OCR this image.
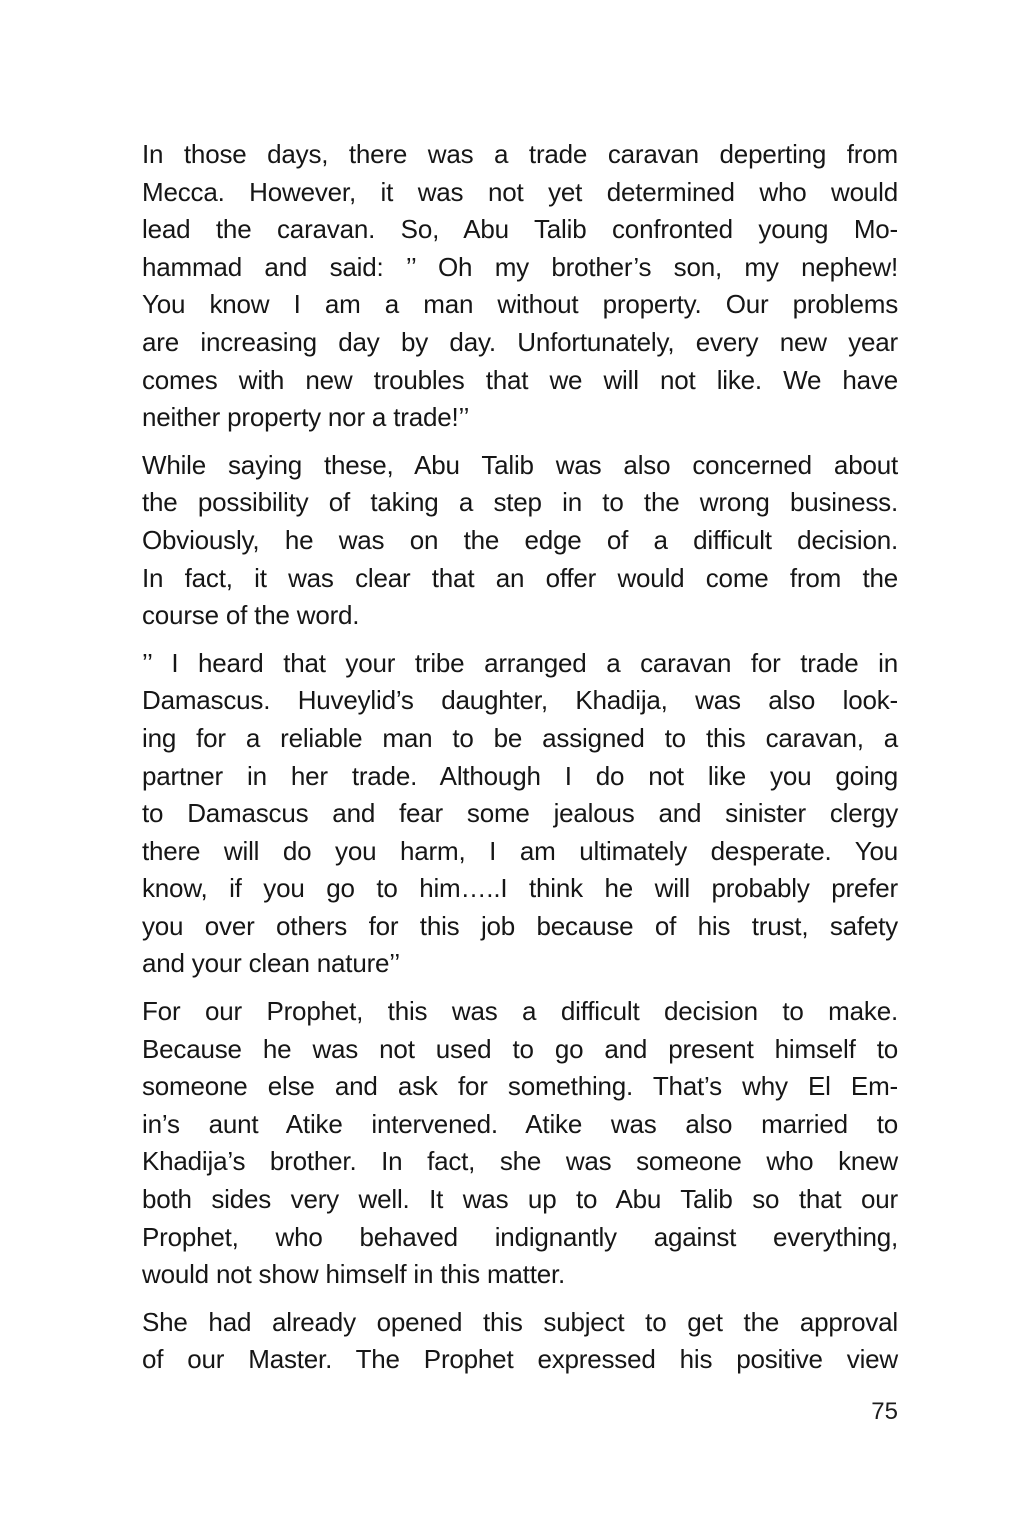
In those days, there was a trade caravan deperting from
Mecca. However, it was not yet determined who would
lead the caravan. So, Abu Talib confronted young Mo-
hammad and said: ’’ Oh my brother’s son, my nephew!
You know I am a man without property. Our problems
are increasing day by day. Unfortunately, every new year
comes with new troubles that we will not like. We have
neither property nor a trade!’’

While saying these, Abu Talib was also concerned about
the possibility of taking a step in to the wrong business.
Obviously, he was on the edge of a difficult decision.
In fact, it was clear that an offer would come from the
course of the word.

’’ I heard that your tribe arranged a caravan for trade in
Damascus. Huveylid’s daughter, Khadija, was also look-
ing for a reliable man to be assigned to this caravan, a
partner in her trade. Although I do not like you going
to Damascus and fear some jealous and sinister clergy
there will do you harm, I am ultimately desperate. You
know, if you go to him…..I think he will probably prefer
you over others for this job because of his trust, safety
and your clean nature’’

For our Prophet, this was a difficult decision to make.
Because he was not used to go and present himself to
someone else and ask for something. That’s why El Em-
in’s aunt Atike intervened. Atike was also married to
Khadija’s brother. In fact, she was someone who knew
both sides very well. It was up to Abu Talib so that our
Prophet, who behaved indignantly against everything,
would not show himself in this matter.

She had already opened this subject to get the approval
of our Master. The Prophet expressed his positive view

75
